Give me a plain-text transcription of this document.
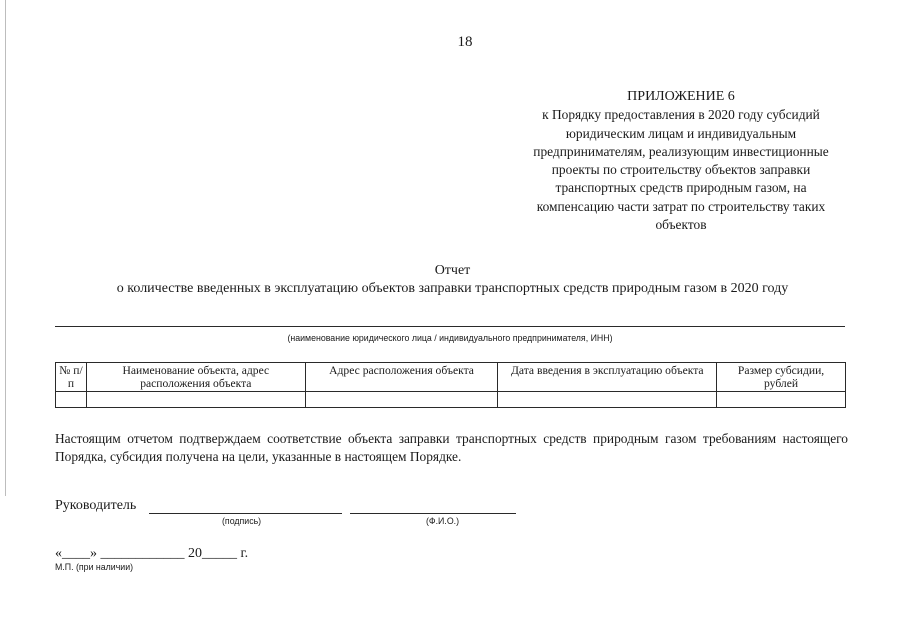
18
ПРИЛОЖЕНИЕ 6
к Порядку предоставления в 2020 году субсидий
юридическим лицам и индивидуальным
предпринимателям, реализующим инвестиционные
проекты по строительству объектов заправки
транспортных средств природным газом, на
компенсацию части затрат по строительству таких
объектов
Отчет
о количестве введенных в эксплуатацию объектов заправки транспортных средств природным газом в 2020 году
(наименование юридического лица / индивидуального предпринимателя, ИНН)
№ п/п	Наименование объекта, адрес расположения объекта	Адрес расположения объекта	Дата введения в эксплуатацию объекта	Размер субсидии, рублей

Настоящим отчетом подтверждаем соответствие объекта заправки транспортных средств природным газом требованиям настоящего Порядка, субсидия получена на цели, указанные в настоящем Порядке.
Руководитель
(подпись)	(Ф.И.О.)
«____» ____________ 20_____ г.
М.П. (при наличии)
